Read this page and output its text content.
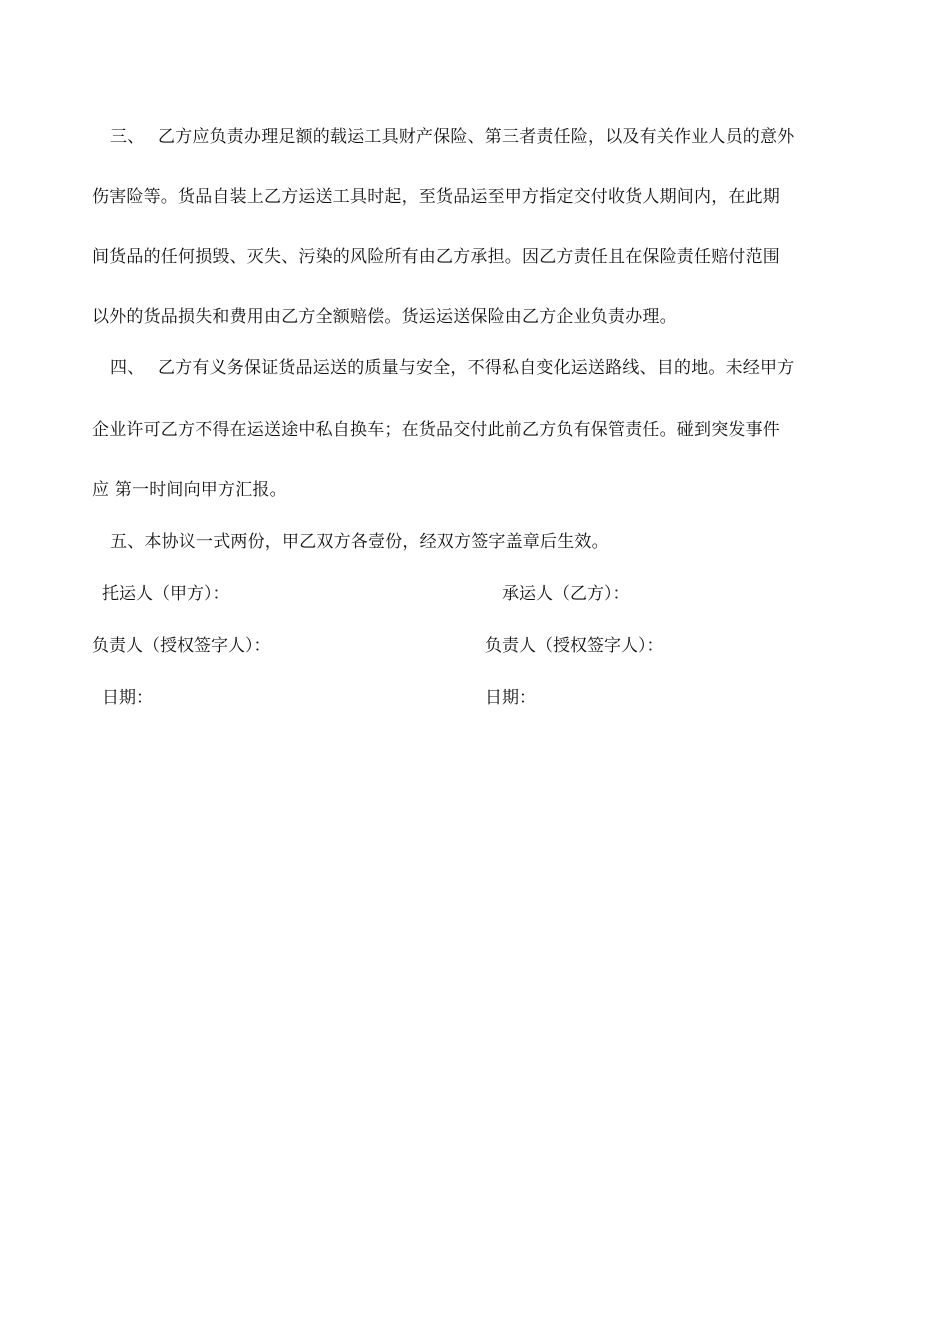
三、 乙方应负责办理足额的载运工具财产保险、第三者责任险，以及有关作业人员的意外
伤害险等。货品自装上乙方运送工具时起，至货品运至甲方指定交付收货人期间内，在此期
间货品的任何损毁、灭失、污染的风险所有由乙方承担。因乙方责任且在保险责任赔付范围
以外的货品损失和费用由乙方全额赔偿。货运运送保险由乙方企业负责办理。
四、 乙方有义务保证货品运送的质量与安全，不得私自变化运送路线、目的地。未经甲方
企业许可乙方不得在运送途中私自换车；在货品交付此前乙方负有保管责任。碰到突发事件
应 第一时间向甲方汇报。
五、本协议一式两份，甲乙双方各壹份，经双方签字盖章后生效。
托运人（甲方）：	承运人（乙方）：
负责人（授权签字人）：	负责人（授权签字人）：
日期：	日期：
